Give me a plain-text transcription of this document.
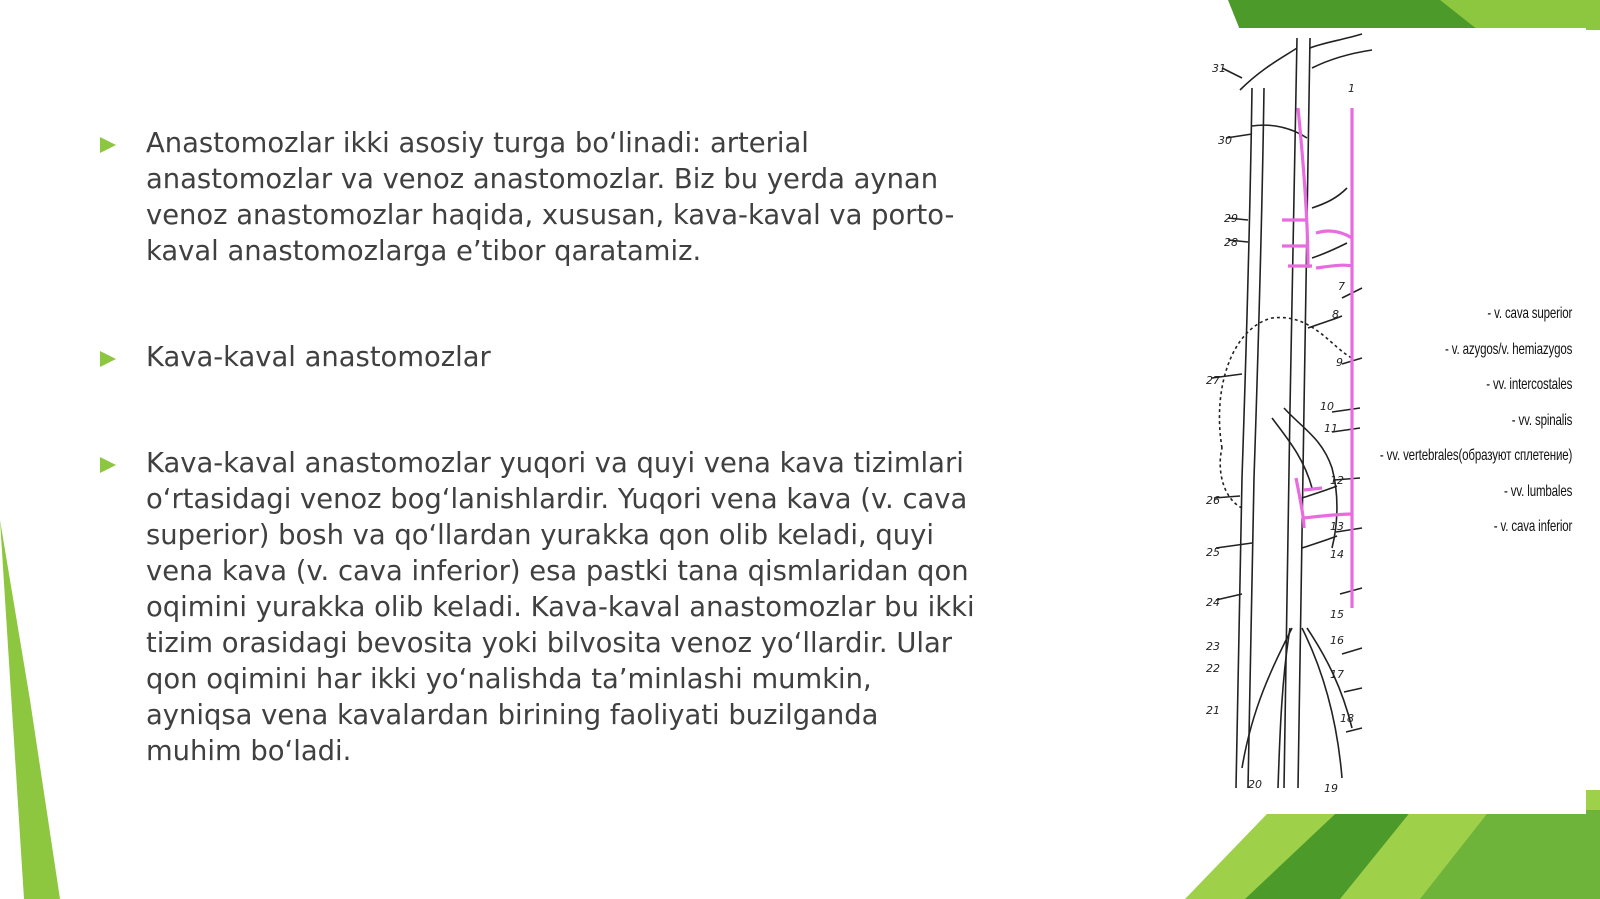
Anastomozlar ikki asosiy turga bo‘linadi: arterial anastomozlar va venoz anastomozlar. Biz bu yerda aynan venoz anastomozlar haqida, xususan, kava-kaval va porto-kaval anastomozlarga e’tibor qaratamiz.
Kava-kaval anastomozlar
Kava-kaval anastomozlar yuqori va quyi vena kava tizimlari o‘rtasidagi venoz bog‘lanishlardir. Yuqori vena kava (v. cava superior) bosh va qo‘llardan yurakka qon olib keladi, quyi vena kava (v. cava inferior) esa pastki tana qismlaridan qon oqimini yurakka olib keladi. Kava-kaval anastomozlar bu ikki tizim orasidagi bevosita yoki bilvosita venoz yo‘llardir. Ular qon oqimini har ikki yo‘nalishda ta’minlashi mumkin, ayniqsa vena kavalardan birining faoliyati buzilganda muhim bo‘ladi.
31
30
29
28
27
26
25
24
23
22
21
20	19
18
17
16
15
14
13
12
11
10
9
8
7
1
- v. cava superior
- v. azygos/v. hemiazygos
- vv. intercostales
- vv. spinalis
- vv. vertebrales(образуют сплетение)
- vv. lumbales
- v. cava inferior
